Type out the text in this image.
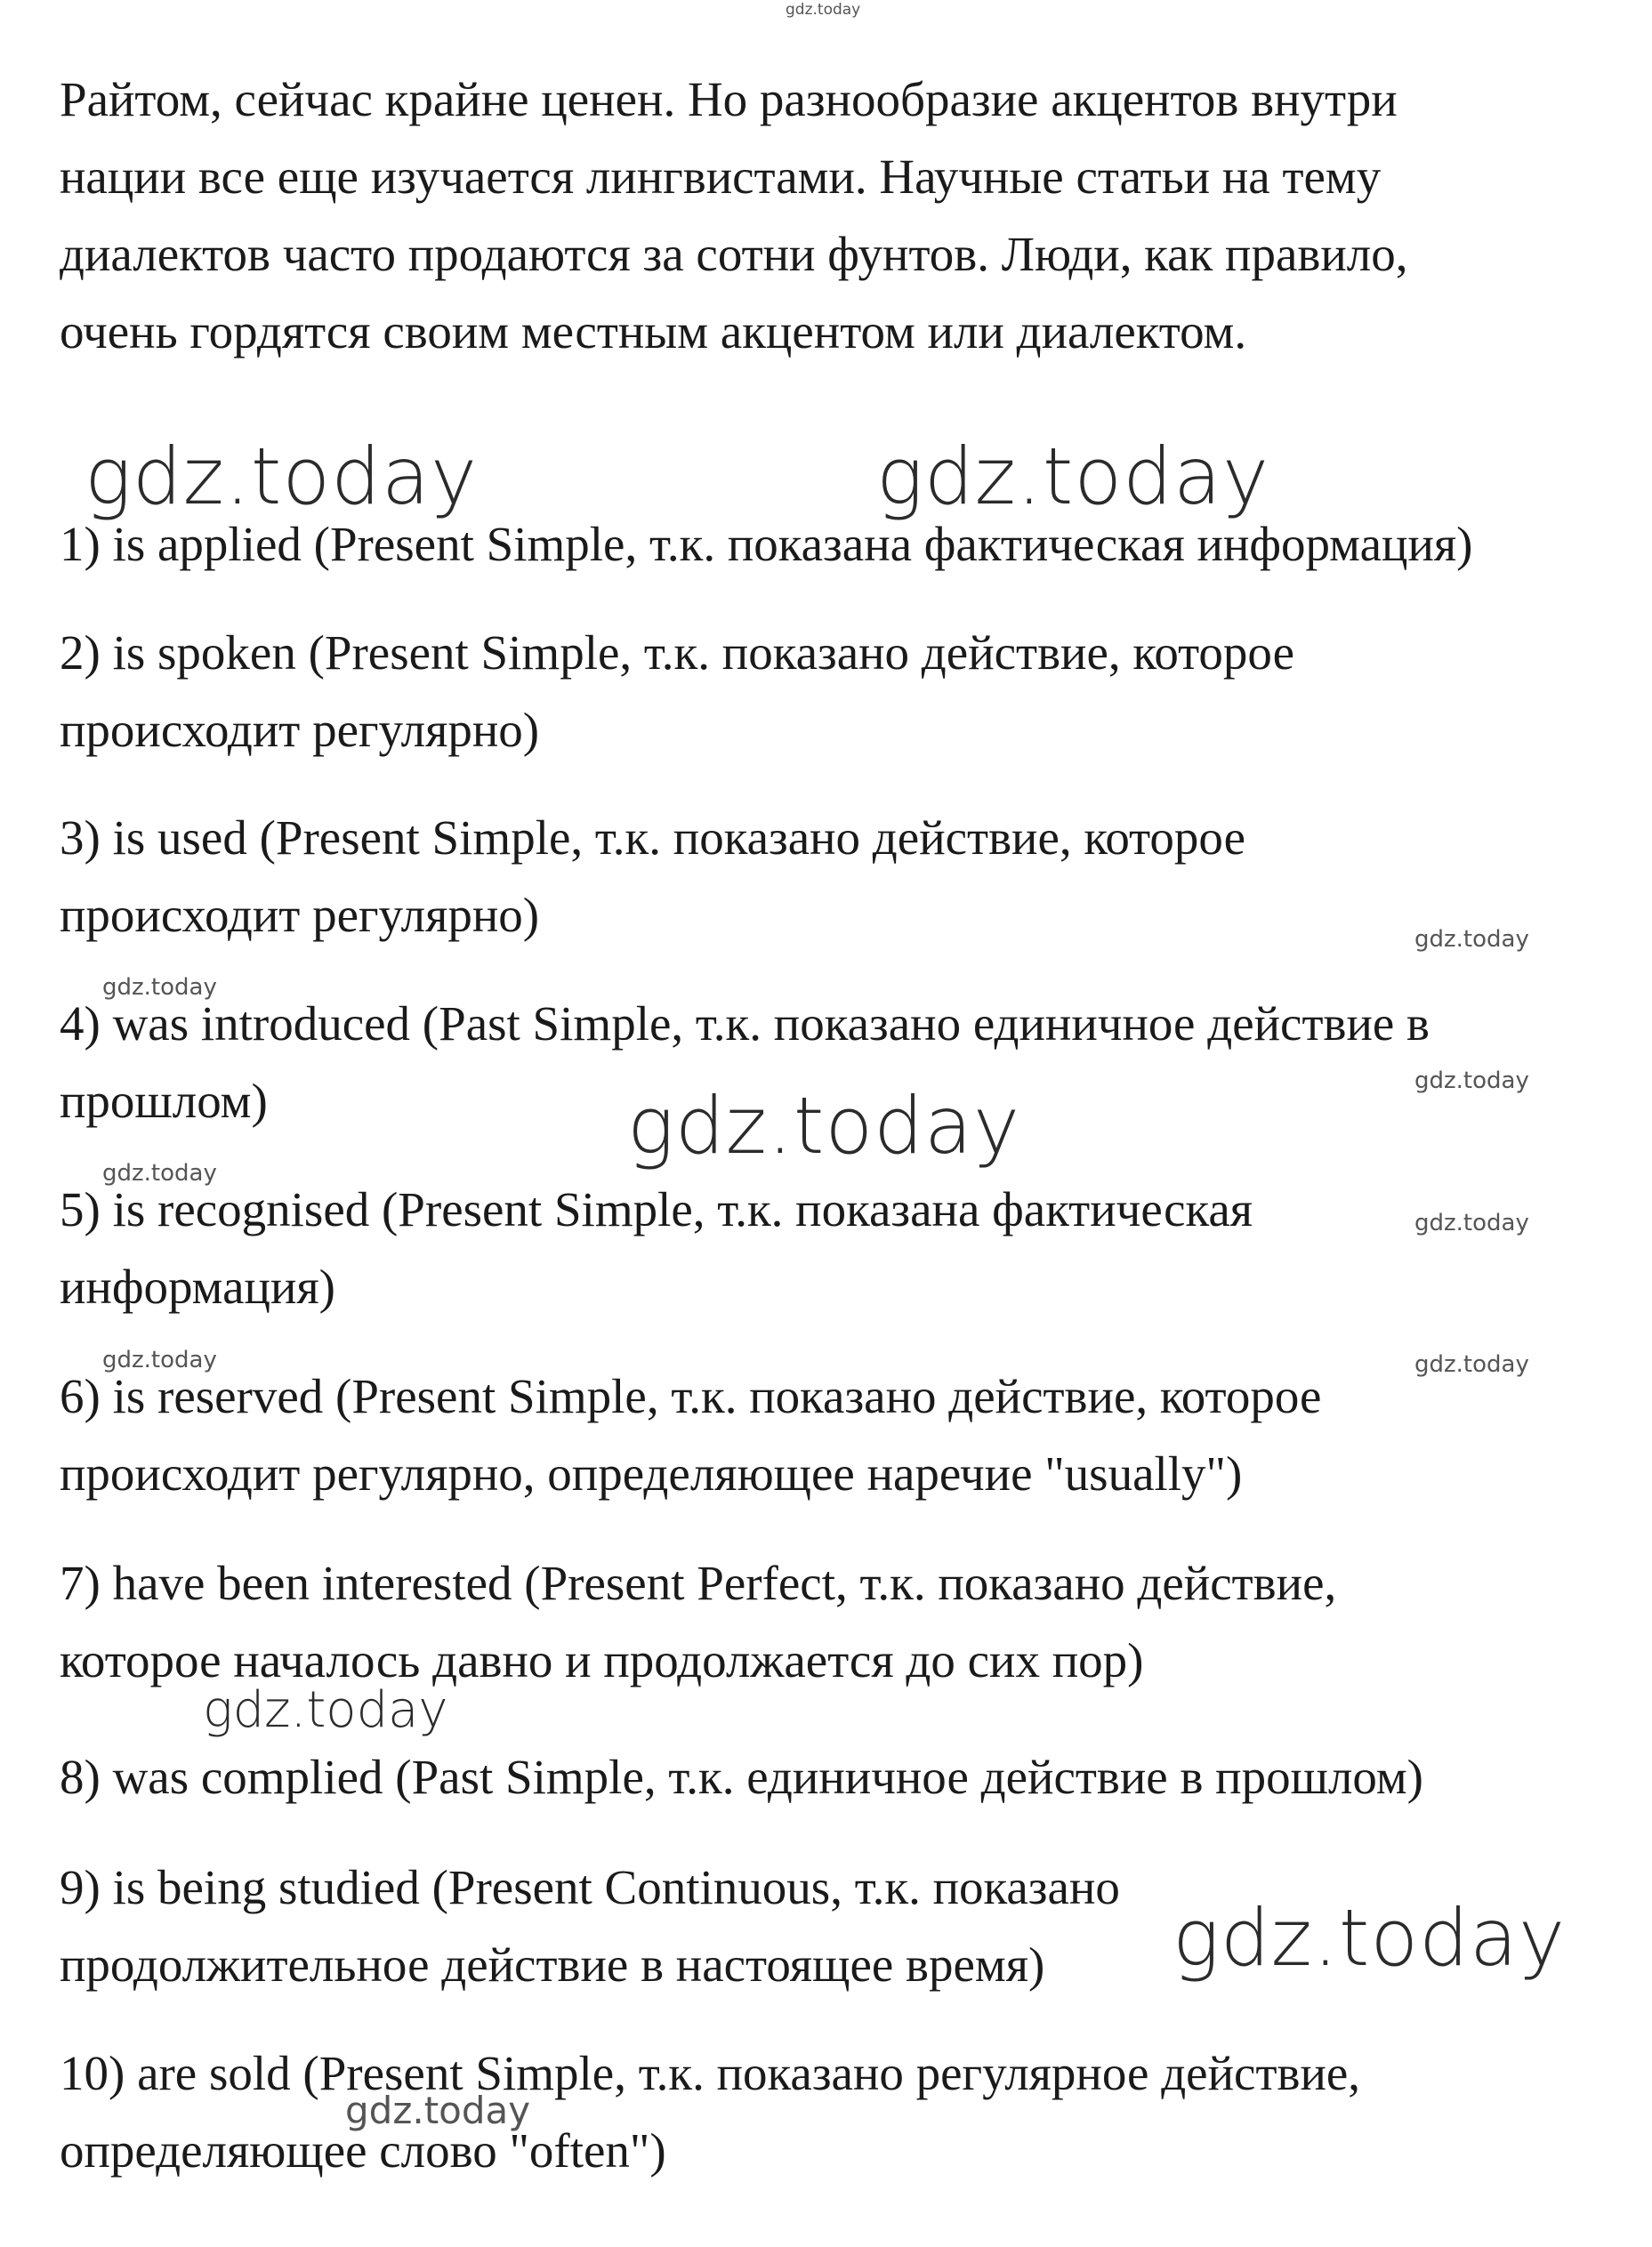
gdz.today

Райтом, сейчас крайне ценен. Но разнообразие акцентов внутри
нации все еще изучается лингвистами. Научные статьи на тему
диалектов часто продаются за сотни фунтов. Люди, как правило,
очень гордятся своим местным акцентом или диалектом.

gdz.today	gdz.today

1) is applied (Present Simple, т.к. показана фактическая информация)

2) is spoken (Present Simple, т.к. показано действие, которое
происходит регулярно)

3) is used (Present Simple, т.к. показано действие, которое
происходит регулярно)	gdz.today
gdz.today

4) was introduced (Past Simple, т.к. показано единичное действие в
прошлом)	gdz.today
gdz.today
gdz.today

5) is recognised (Present Simple, т.к. показана фактическая
информация)

gdz.today
gdz.today	gdz.today

6) is reserved (Present Simple, т.к. показано действие, которое
происходит регулярно, определяющее наречие "usually")

7) have been interested (Present Perfect, т.к. показано действие,
которое началось давно и продолжается до сих пор)

gdz.today

8) was complied (Past Simple, т.к. единичное действие в прошлом)

9) is being studied (Present Continuous, т.к. показано
продолжительное действие в настоящее время)	gdz.today

10) are sold (Present Simple, т.к. показано регулярное действие,
определяющее слово "often")

gdz.today
